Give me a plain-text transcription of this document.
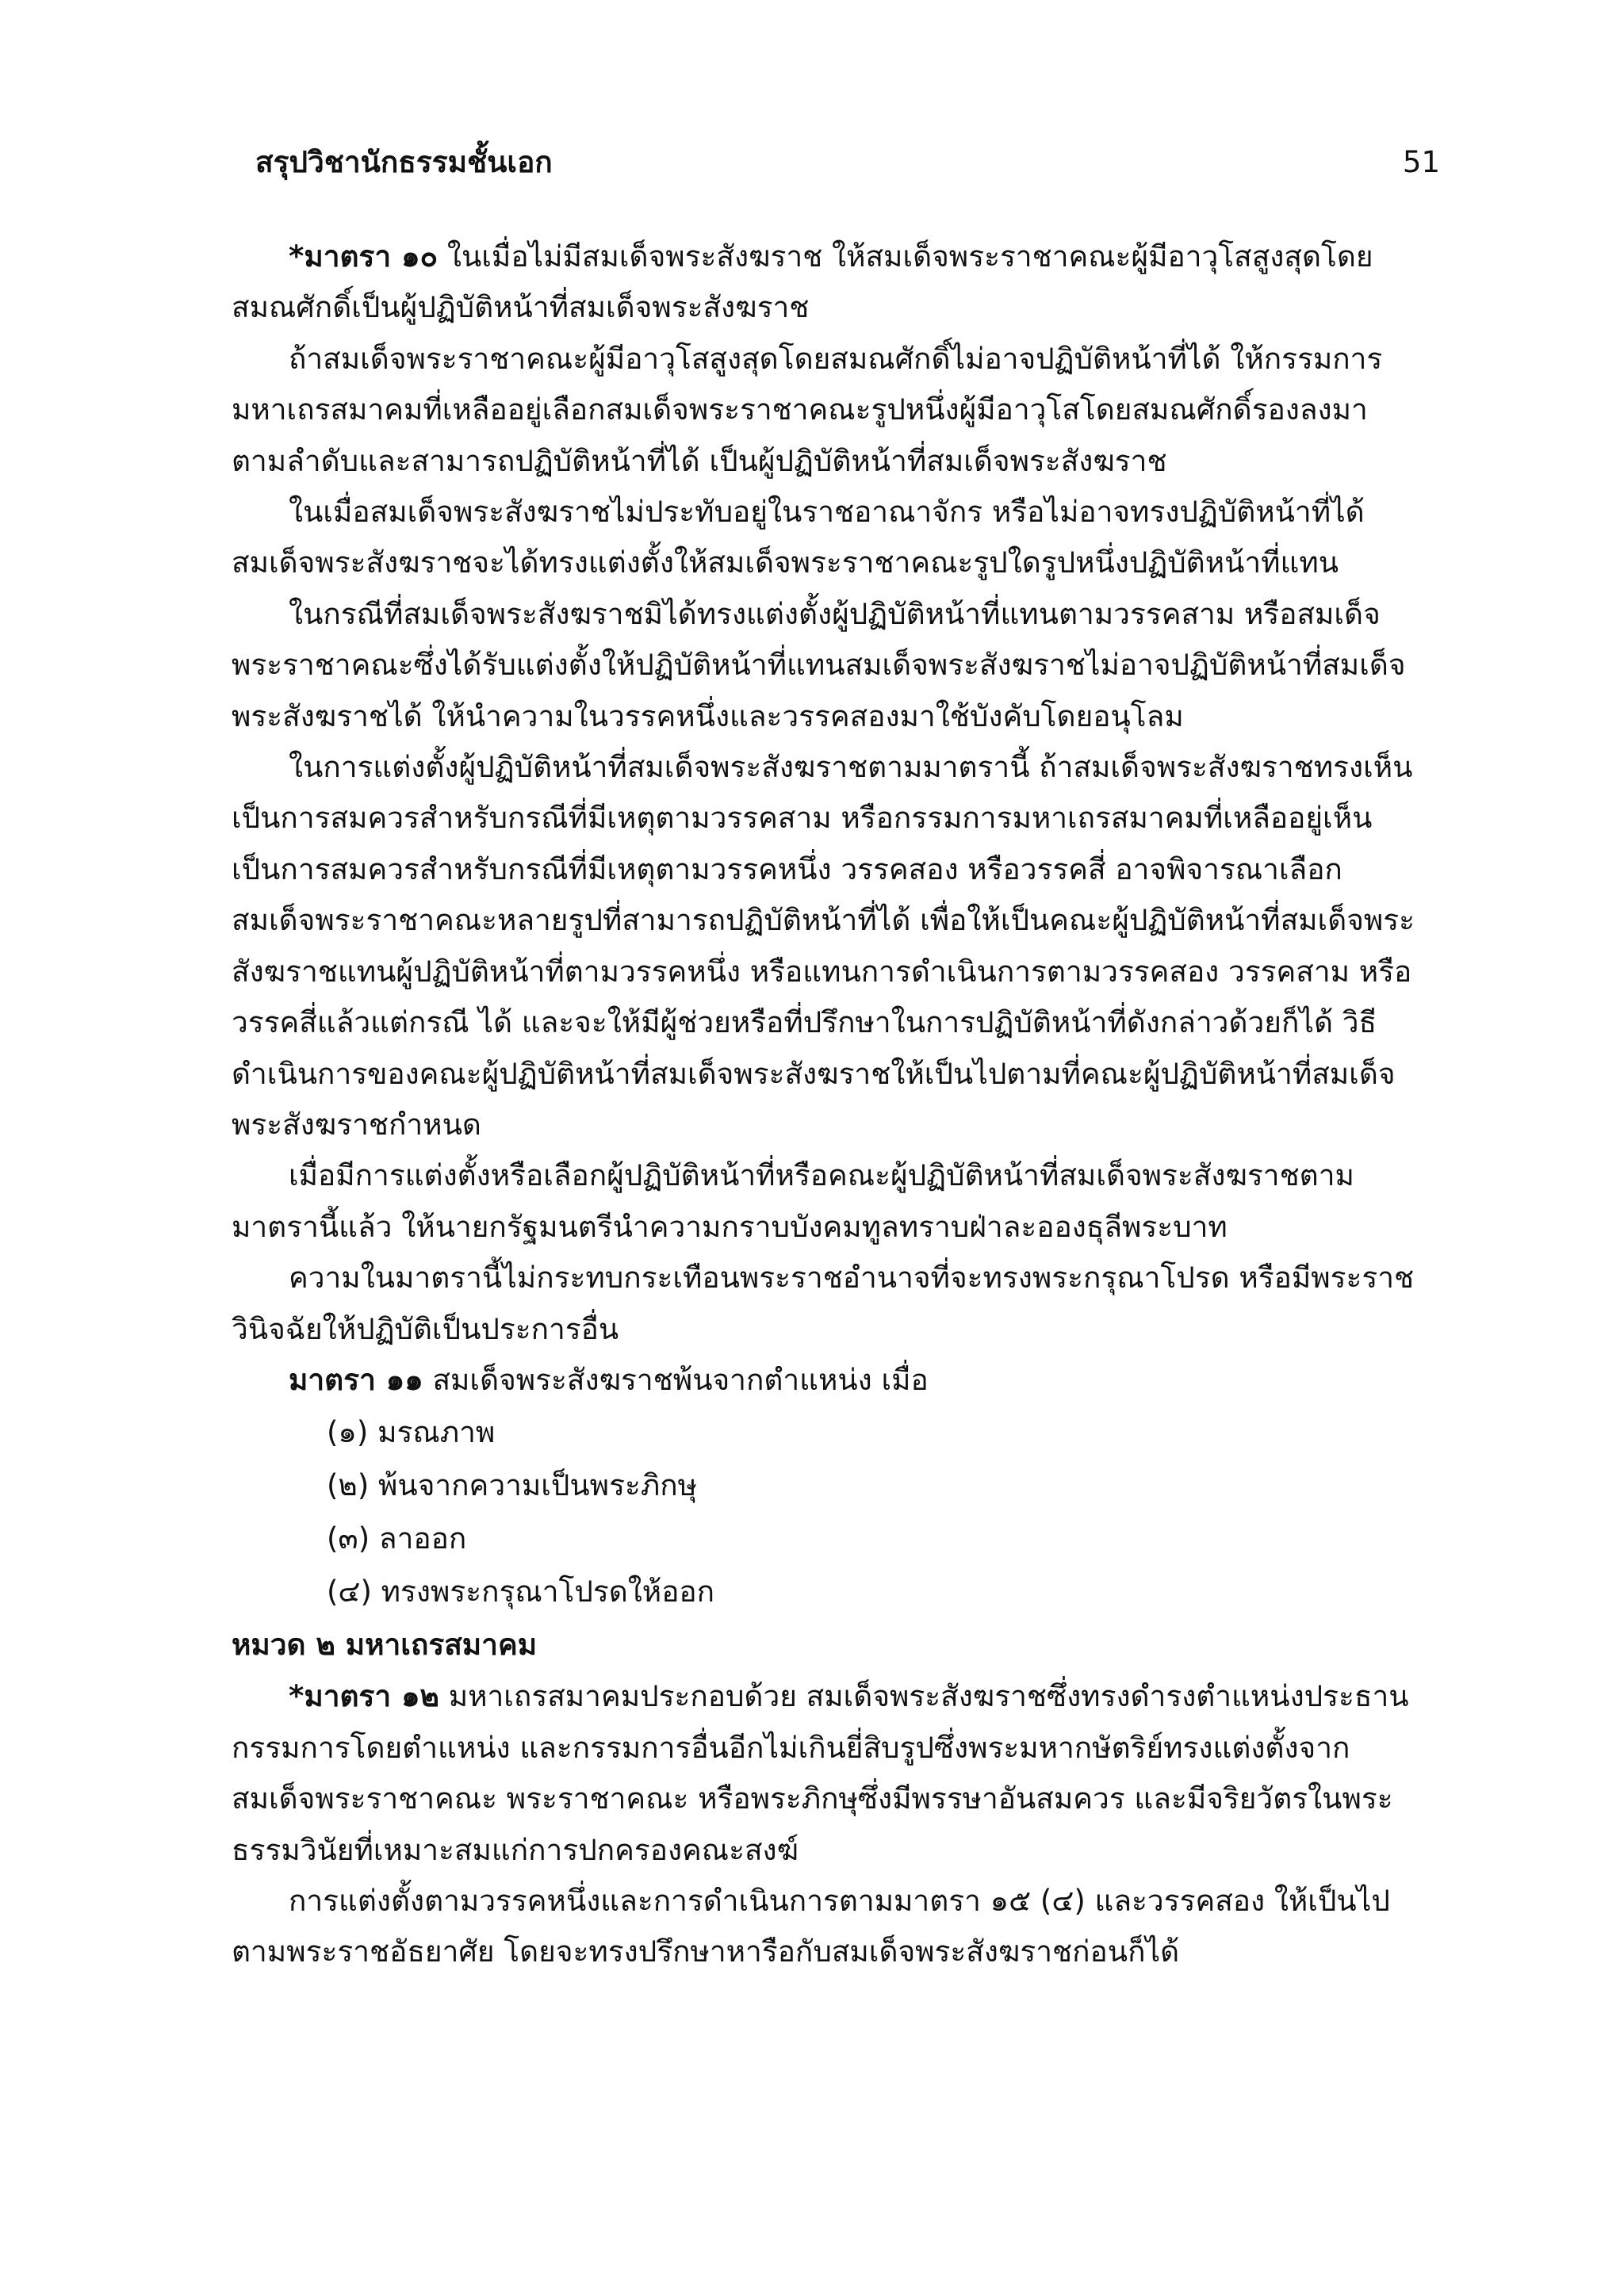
สรุปวิชานักธรรมชั้นเอก	51

*มาตรา ๑๐ ในเมื่อไม่มีสมเด็จพระสังฆราช ให้สมเด็จพระราชาคณะผู้มีอาวุโสสูงสุดโดยสมณศักดิ์เป็นผู้ปฏิบัติหน้าที่สมเด็จพระสังฆราช

ถ้าสมเด็จพระราชาคณะผู้มีอาวุโสสูงสุดโดยสมณศักดิ์ไม่อาจปฏิบัติหน้าที่ได้ ให้กรรมการมหาเถรสมาคมที่เหลืออยู่เลือกสมเด็จพระราชาคณะรูปหนึ่งผู้มีอาวุโสโดยสมณศักดิ์รองลงมาตามลำดับและสามารถปฏิบัติหน้าที่ได้ เป็นผู้ปฏิบัติหน้าที่สมเด็จพระสังฆราช

ในเมื่อสมเด็จพระสังฆราชไม่ประทับอยู่ในราชอาณาจักร หรือไม่อาจทรงปฏิบัติหน้าที่ได้ สมเด็จพระสังฆราชจะได้ทรงแต่งตั้งให้สมเด็จพระราชาคณะรูปใดรูปหนึ่งปฏิบัติหน้าที่แทน

ในกรณีที่สมเด็จพระสังฆราชมิได้ทรงแต่งตั้งผู้ปฏิบัติหน้าที่แทนตามวรรคสาม หรือสมเด็จพระราชาคณะซึ่งได้รับแต่งตั้งให้ปฏิบัติหน้าที่แทนสมเด็จพระสังฆราชไม่อาจปฏิบัติหน้าที่สมเด็จพระสังฆราชได้ ให้นำความในวรรคหนึ่งและวรรคสองมาใช้บังคับโดยอนุโลม

ในการแต่งตั้งผู้ปฏิบัติหน้าที่สมเด็จพระสังฆราชตามมาตรานี้ ถ้าสมเด็จพระสังฆราชทรงเห็นเป็นการสมควรสำหรับกรณีที่มีเหตุตามวรรคสาม หรือกรรมการมหาเถรสมาคมที่เหลืออยู่เห็นเป็นการสมควรสำหรับกรณีที่มีเหตุตามวรรคหนึ่ง วรรคสอง หรือวรรคสี่ อาจพิจารณาเลือกสมเด็จพระราชาคณะหลายรูปที่สามารถปฏิบัติหน้าที่ได้ เพื่อให้เป็นคณะผู้ปฏิบัติหน้าที่สมเด็จพระสังฆราชแทนผู้ปฏิบัติหน้าที่ตามวรรคหนึ่ง หรือแทนการดำเนินการตามวรรคสอง วรรคสาม หรือวรรคสี่แล้วแต่กรณี ได้ และจะให้มีผู้ช่วยหรือที่ปรึกษาในการปฏิบัติหน้าที่ดังกล่าวด้วยก็ได้ วิธีดำเนินการของคณะผู้ปฏิบัติหน้าที่สมเด็จพระสังฆราชให้เป็นไปตามที่คณะผู้ปฏิบัติหน้าที่สมเด็จพระสังฆราชกำหนด

เมื่อมีการแต่งตั้งหรือเลือกผู้ปฏิบัติหน้าที่หรือคณะผู้ปฏิบัติหน้าที่สมเด็จพระสังฆราชตามมาตรานี้แล้ว ให้นายกรัฐมนตรีนำความกราบบังคมทูลทราบฝ่าละอองธุลีพระบาท

ความในมาตรานี้ไม่กระทบกระเทือนพระราชอำนาจที่จะทรงพระกรุณาโปรด หรือมีพระราชวินิจฉัยให้ปฏิบัติเป็นประการอื่น

มาตรา ๑๑ สมเด็จพระสังฆราชพ้นจากตำแหน่ง เมื่อ

(๑) มรณภาพ

(๒) พ้นจากความเป็นพระภิกษุ

(๓) ลาออก

(๔) ทรงพระกรุณาโปรดให้ออก

หมวด ๒ มหาเถรสมาคม

*มาตรา ๑๒ มหาเถรสมาคมประกอบด้วย สมเด็จพระสังฆราชซึ่งทรงดำรงตำแหน่งประธานกรรมการโดยตำแหน่ง และกรรมการอื่นอีกไม่เกินยี่สิบรูปซึ่งพระมหากษัตริย์ทรงแต่งตั้งจากสมเด็จพระราชาคณะ พระราชาคณะ หรือพระภิกษุซึ่งมีพรรษาอันสมควร และมีจริยวัตรในพระธรรมวินัยที่เหมาะสมแก่การปกครองคณะสงฆ์

การแต่งตั้งตามวรรคหนึ่งและการดำเนินการตามมาตรา ๑๕ (๔) และวรรคสอง ให้เป็นไปตามพระราชอัธยาศัย โดยจะทรงปรึกษาหารือกับสมเด็จพระสังฆราชก่อนก็ได้
